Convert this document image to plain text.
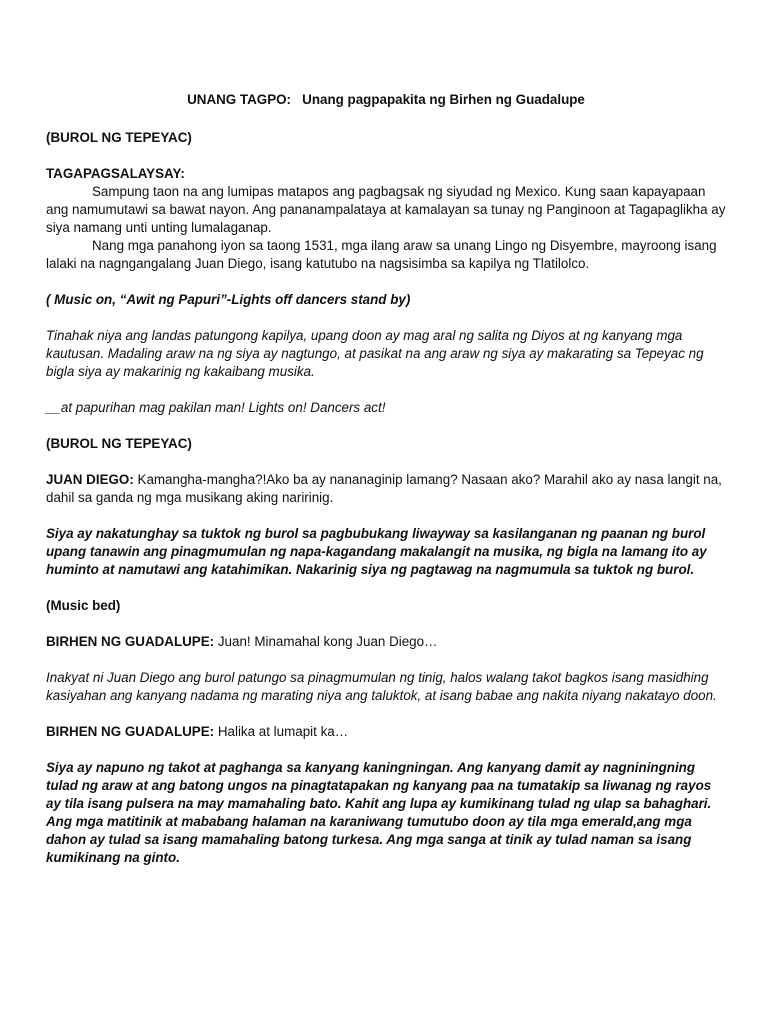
UNANG TAGPO:   Unang pagpapakita ng Birhen ng Guadalupe
(BUROL NG TEPEYAC)
TAGAPAGSALAYSAY:
Sampung taon na ang lumipas matapos ang pagbagsak ng siyudad ng Mexico. Kung saan kapayapaan ang namumutawi sa bawat nayon. Ang pananampalataya at kamalayan sa tunay ng Panginoon at Tagapaglikha ay siya namang unti unting lumalaganap.
Nang mga panahong iyon sa taong 1531, mga ilang araw sa unang Lingo ng Disyembre, mayroong isang lalaki na nagngangalang Juan Diego, isang katutubo na nagsisimba sa kapilya ng Tlatilolco.
( Music on, “Awit ng Papuri”-Lights off dancers stand by)
Tinahak niya ang landas patungong kapilya, upang doon ay mag aral ng salita ng Diyos at ng kanyang mga kautusan. Madaling araw na ng siya ay nagtungo, at pasikat na ang araw ng siya ay makarating sa Tepeyac ng bigla siya ay makarinig ng kakaibang musika.
__at papurihan mag pakilan man! Lights on! Dancers act!
(BUROL NG TEPEYAC)
JUAN DIEGO: Kamangha-mangha?!Ako ba ay nananaginip lamang? Nasaan ako? Marahil ako ay nasa langit na, dahil sa ganda ng mga musikang aking naririnig.
Siya ay nakatunghay sa tuktok ng burol sa pagbubukang liwayway sa kasilanganan ng paanan ng burol upang tanawin ang pinagmumulan ng napa-kagandang makalangit na musika, ng bigla na lamang ito ay huminto at namutawi ang katahimikan. Nakarinig siya ng pagtawag na nagmumula sa tuktok ng burol.
(Music bed)
BIRHEN NG GUADALUPE: Juan! Minamahal kong Juan Diego…
Inakyat ni Juan Diego ang burol patungo sa pinagmumulan ng tinig, halos walang takot bagkos isang masidhing kasiyahan ang kanyang nadama ng marating niya ang taluktok, at isang babae ang nakita niyang nakatayo doon.
BIRHEN NG GUADALUPE: Halika at lumapit ka…
Siya ay napuno ng takot at paghanga sa kanyang kaningningan. Ang kanyang damit ay nagniningning tulad ng araw at ang batong ungos na pinagtatapakan ng kanyang paa na tumatakip sa liwanag ng rayos ay tila isang pulsera na may mamahaling bato. Kahit ang lupa ay kumikinang tulad ng ulap sa bahaghari. Ang mga matitinik at mababang halaman na karaniwang tumutubo doon ay tila mga emerald,ang mga dahon ay tulad sa isang mamahaling batong turkesa. Ang mga sanga at tinik ay tulad naman sa isang kumikinang na ginto.
